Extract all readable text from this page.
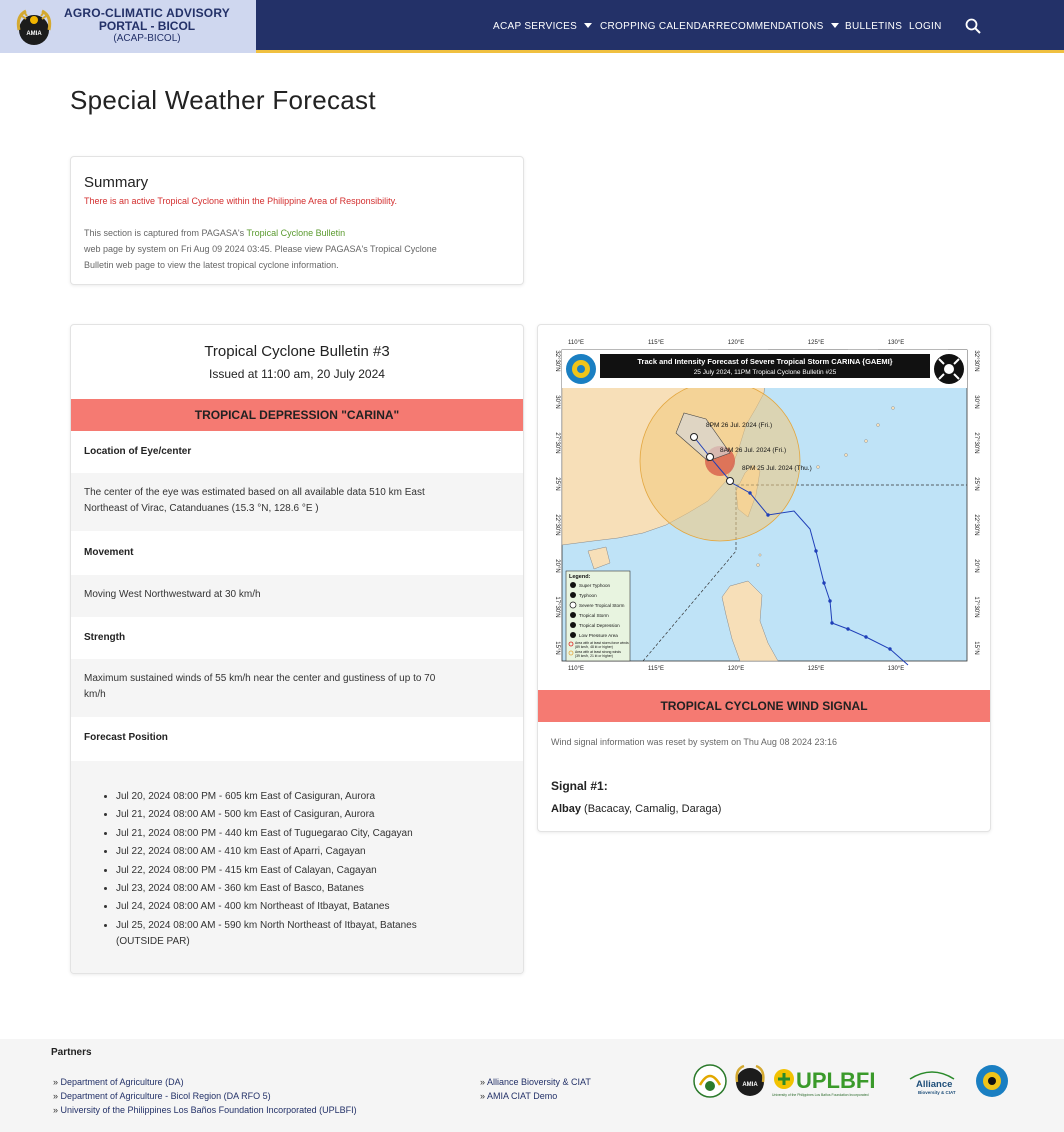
AMIA
AGRO-CLIMATIC ADVISORY
PORTAL - BICOL
(ACAP-BICOL)
ACAP SERVICES	CROPPING CALENDAR RECOMMENDATIONS	BULLETINS LOGIN
Special Weather Forecast
Summary
There is an active Tropical Cyclone within the Philippine Area of Responsibility.
This section is captured from PAGASA's Tropical Cyclone Bulletin
web page by system on Fri Aug 09 2024 03:45. Please view PAGASA's Tropical Cyclone
Bulletin web page to view the latest tropical cyclone information.
Tropical Cyclone Bulletin #3
Issued at 11:00 am, 20 July 2024
TROPICAL DEPRESSION "CARINA"
Location of Eye/center
The center of the eye was estimated based on all available data 510 km East
Northeast of Virac, Catanduanes (15.3 °N, 128.6 °E )
Movement
Moving West Northwestward at 30 km/h
Strength
Maximum sustained winds of 55 km/h near the center and gustiness of up to 70
km/h
Forecast Position
• Jul 20, 2024 08:00 PM - 605 km East of Casiguran, Aurora
• Jul 21, 2024 08:00 AM - 500 km East of Casiguran, Aurora
• Jul 21, 2024 08:00 PM - 440 km East of Tuguegarao City, Cagayan
• Jul 22, 2024 08:00 AM - 410 km East of Aparri, Cagayan
• Jul 22, 2024 08:00 PM - 415 km East of Calayan, Cagayan
• Jul 23, 2024 08:00 AM - 360 km East of Basco, Batanes
• Jul 24, 2024 08:00 AM - 400 km Northeast of Itbayat, Batanes
• Jul 25, 2024 08:00 AM - 590 km North Northeast of Itbayat, Batanes
(OUTSIDE PAR)
110°E	115°E	120°E	125°E	130°E
110°E	115°E	120°E	125°E	130°E
32°30'N
30°N
27°30'N
25°N
22°30'N
20°N
17°30'N
15°N
32°30'N
30°N
27°30'N
25°N
22°30'N
20°N
17°30'N
15°N
8PM 26 Jul. 2024 (Fri.)
8AM 26 Jul. 2024 (Fri.)
8PM 25 Jul. 2024 (Thu.)
Track and Intensity Forecast of Severe Tropical Storm CARINA {GAEMI}
25 July 2024, 11PM Tropical Cyclone Bulletin #25
Legend:
Super Typhoon
Typhoon
Severe Tropical Storm
Tropical Storm
Tropical Depression
Low Pressure Area
Area with at least storm-force winds
(89 km/h, 48 kt or higher)
Area with at least strong winds
(39 km/h, 21 kt or higher)
TROPICAL CYCLONE WIND SIGNAL
Wind signal information was reset by system on Thu Aug 08 2024 23:16
Signal #1:
Albay (Bacacay, Camalig, Daraga)
Partners
» Department of Agriculture (DA)
» Department of Agriculture - Bicol Region (DA RFO 5)
» University of the Philippines Los Baños Foundation Incorporated (UPLBFI)
» Alliance Bioversity & CIAT
» AMIA CIAT Demo
AMIA UPLBFI
University of the Philippines Los Baños Foundation Incorporated
Alliance
Bioversity & CIAT
